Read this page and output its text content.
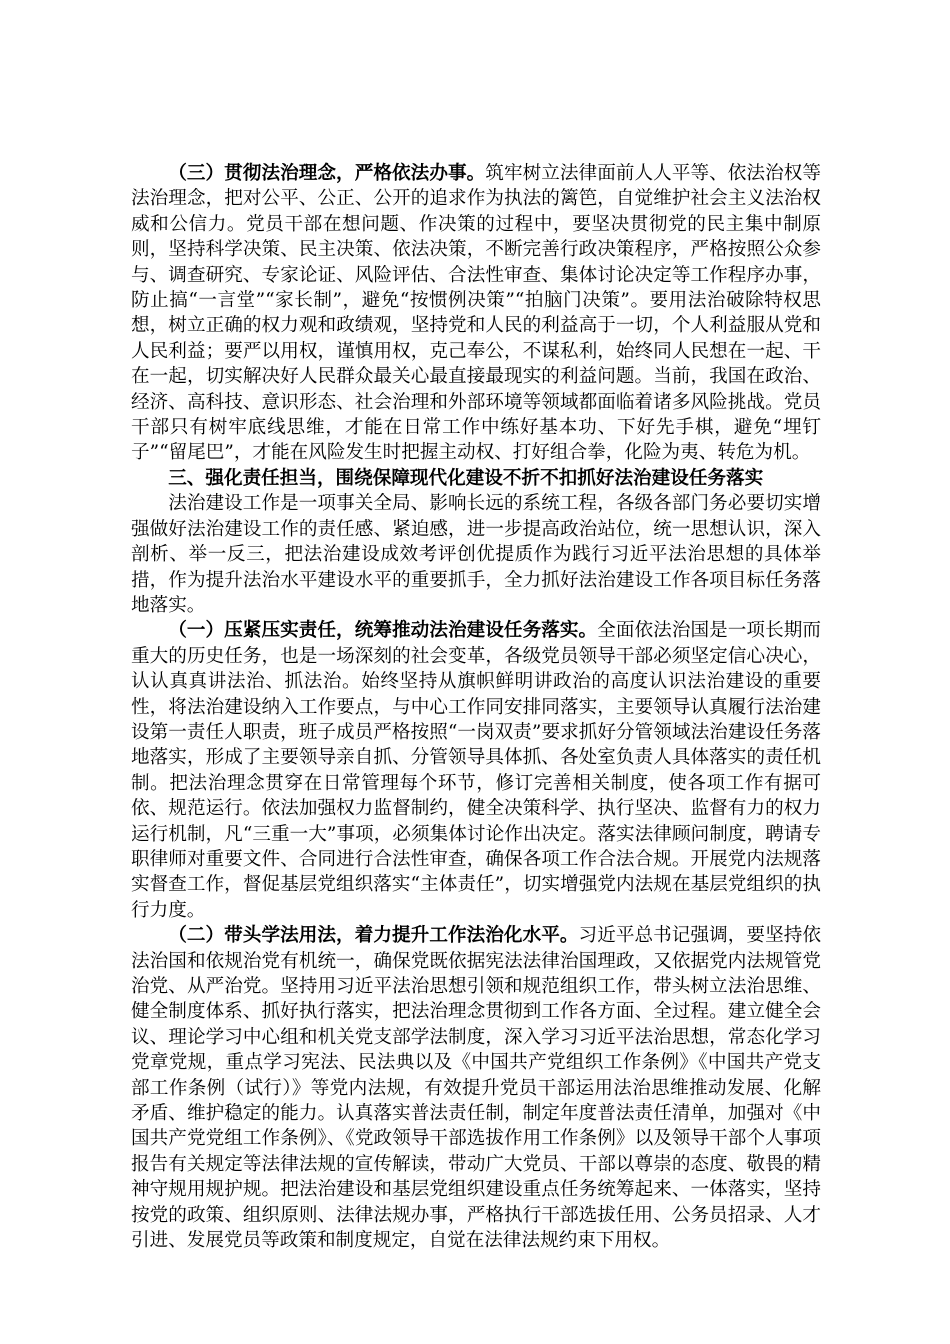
（三）贯彻法治理念，严格依法办事。筑牢树立法律面前人人平等、依法治权等法治理念，把对公平、公正、公开的追求作为执法的篱笆，自觉维护社会主义法治权威和公信力。党员干部在想问题、作决策的过程中，要坚决贯彻党的民主集中制原则，坚持科学决策、民主决策、依法决策，不断完善行政决策程序，严格按照公众参与、调查研究、专家论证、风险评估、合法性审查、集体讨论决定等工作程序办事，防止搞“一言堂”“家长制”，避免“按惯例决策”“拍脑门决策”。要用法治破除特权思想，树立正确的权力观和政绩观，坚持党和人民的利益高于一切，个人利益服从党和人民利益；要严以用权，谨慎用权，克己奉公，不谋私利，始终同人民想在一起、干在一起，切实解决好人民群众最关心最直接最现实的利益问题。当前，我国在政治、经济、高科技、意识形态、社会治理和外部环境等领域都面临着诸多风险挑战。党员干部只有树牢底线思维，才能在日常工作中练好基本功、下好先手棋，避免“埋钉子”“留尾巴”，才能在风险发生时把握主动权、打好组合拳，化险为夷、转危为机。

三、强化责任担当，围绕保障现代化建设不折不扣抓好法治建设任务落实

法治建设工作是一项事关全局、影响长远的系统工程，各级各部门务必要切实增强做好法治建设工作的责任感、紧迫感，进一步提高政治站位，统一思想认识，深入剖析、举一反三，把法治建设成效考评创优提质作为践行习近平法治思想的具体举措，作为提升法治水平建设水平的重要抓手，全力抓好法治建设工作各项目标任务落地落实。

（一）压紧压实责任，统筹推动法治建设任务落实。全面依法治国是一项长期而重大的历史任务，也是一场深刻的社会变革，各级党员领导干部必须坚定信心决心，认认真真讲法治、抓法治。始终坚持从旗帜鲜明讲政治的高度认识法治建设的重要性，将法治建设纳入工作要点，与中心工作同安排同落实，主要领导认真履行法治建设第一责任人职责，班子成员严格按照“一岗双责”要求抓好分管领域法治建设任务落地落实，形成了主要领导亲自抓、分管领导具体抓、各处室负责人具体落实的责任机制。把法治理念贯穿在日常管理每个环节，修订完善相关制度，使各项工作有据可依、规范运行。依法加强权力监督制约，健全决策科学、执行坚决、监督有力的权力运行机制，凡“三重一大”事项，必须集体讨论作出决定。落实法律顾问制度，聘请专职律师对重要文件、合同进行合法性审查，确保各项工作合法合规。开展党内法规落实督查工作，督促基层党组织落实“主体责任”，切实增强党内法规在基层党组织的执行力度。

（二）带头学法用法，着力提升工作法治化水平。习近平总书记强调，要坚持依法治国和依规治党有机统一，确保党既依据宪法法律治国理政，又依据党内法规管党治党、从严治党。坚持用习近平法治思想引领和规范组织工作，带头树立法治思维、健全制度体系、抓好执行落实，把法治理念贯彻到工作各方面、全过程。建立健全会议、理论学习中心组和机关党支部学法制度，深入学习习近平法治思想，常态化学习党章党规，重点学习宪法、民法典以及《中国共产党组织工作条例》《中国共产党支部工作条例（试行）》等党内法规，有效提升党员干部运用法治思维推动发展、化解矛盾、维护稳定的能力。认真落实普法责任制，制定年度普法责任清单，加强对《中国共产党党组工作条例》、《党政领导干部选拔作用工作条例》以及领导干部个人事项报告有关规定等法律法规的宣传解读，带动广大党员、干部以尊崇的态度、敬畏的精神守规用规护规。把法治建设和基层党组织建设重点任务统筹起来、一体落实，坚持按党的政策、组织原则、法律法规办事，严格执行干部选拔任用、公务员招录、人才引进、发展党员等政策和制度规定，自觉在法律法规约束下用权。
